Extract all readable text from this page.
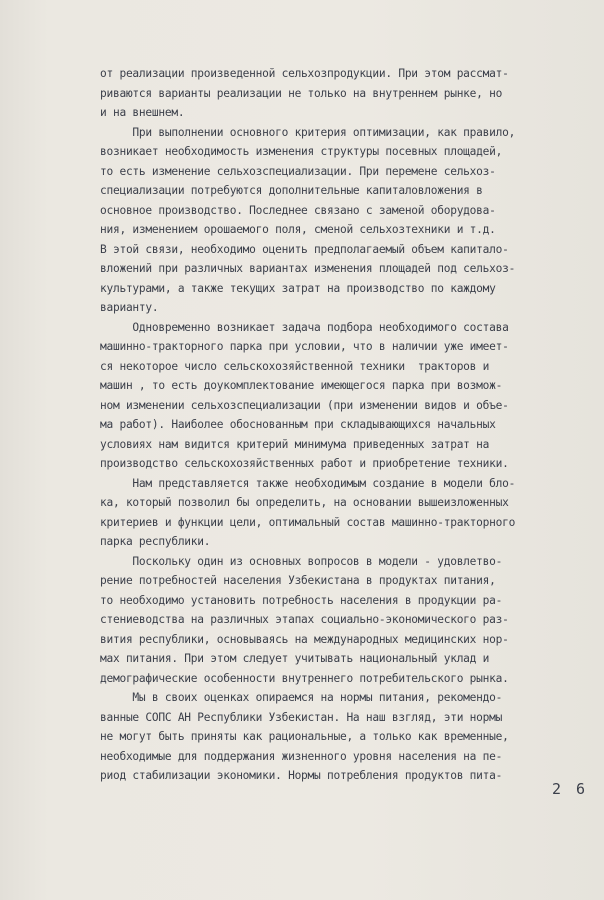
от реализации произведенной сельхозпродукции. При этом рассмат-
риваются варианты реализации не только на внутреннем рынке, но
и на внешнем.
При выполнении основного критерия оптимизации, как правило,
возникает необходимость изменения структуры посевных площадей,
то есть изменение сельхозспециализации. При перемене сельхоз-
специализации потребуются дополнительные капиталовложения в
основное производство. Последнее связано с заменой оборудова-
ния, изменением орошаемого поля, сменой сельхозтехники и т.д.
В этой связи, необходимо оценить предполагаемый объем капитало-
вложений при различных вариантах изменения площадей под сельхоз-
культурами, а также текущих затрат на производство по каждому
варианту.
Одновременно возникает задача подбора необходимого состава
машинно-тракторного парка при условии, что в наличии уже имеет-
ся некоторое число сельскохозяйственной техники  тракторов и
машин , то есть доукомплектование имеющегося парка при возмож-
ном изменении сельхозспециализации (при изменении видов и объе-
ма работ). Наиболее обоснованным при складывающихся начальных
условиях нам видится критерий минимума приведенных затрат на
производство сельскохозяйственных работ и приобретение техники.
Нам представляется также необходимым создание в модели бло-
ка, который позволил бы определить, на основании вышеизложенных
критериев и функции цели, оптимальный состав машинно-тракторного
парка республики.
Поскольку один из основных вопросов в модели - удовлетво-
рение потребностей населения Узбекистана в продуктах питания,
то необходимо установить потребность населения в продукции ра-
стениеводства на различных этапах социально-экономического раз-
вития республики, основываясь на международных медицинских нор-
мах питания. При этом следует учитывать национальный уклад и
демографические особенности внутреннего потребительского рынка.
Мы в своих оценках опираемся на нормы питания, рекомендо-
ванные СОПС АН Республики Узбекистан. На наш взгляд, эти нормы
не могут быть приняты как рациональные, а только как временные,
необходимые для поддержания жизненного уровня населения на пе-
риод стабилизации экономики. Нормы потребления продуктов пита-
2 6
